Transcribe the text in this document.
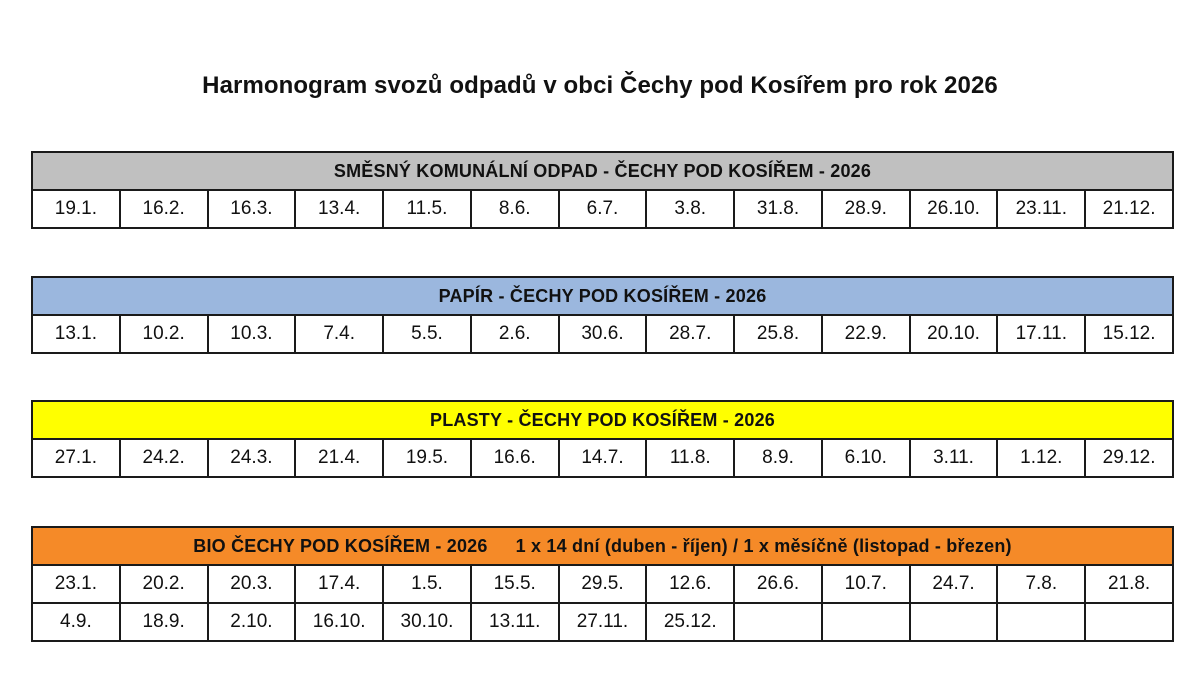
Harmonogram svozů odpadů v obci Čechy pod Kosířem pro rok 2026
SMĚSNÝ KOMUNÁLNÍ ODPAD - ČECHY POD KOSÍŘEM - 2026
19.1.	16.2.	16.3.	13.4.	11.5.	8.6.	6.7.	3.8.	31.8.	28.9.	26.10.	23.11.	21.12.
PAPÍR - ČECHY POD KOSÍŘEM - 2026
13.1.	10.2.	10.3.	7.4.	5.5.	2.6.	30.6.	28.7.	25.8.	22.9.	20.10.	17.11.	15.12.
PLASTY - ČECHY POD KOSÍŘEM - 2026
27.1.	24.2.	24.3.	21.4.	19.5.	16.6.	14.7.	11.8.	8.9.	6.10.	3.11.	1.12.	29.12.
BIO ČECHY POD KOSÍŘEM - 2026 1 x 14 dní (duben - říjen) / 1 x měsíčně (listopad - březen)												
23.1.	20.2.	20.3.	17.4.	1.5.	15.5.	29.5.	12.6.	26.6.	10.7.	24.7.	7.8.	21.8.
4.9.	18.9.	2.10.	16.10.	30.10.	13.11.	27.11.	25.12.					
